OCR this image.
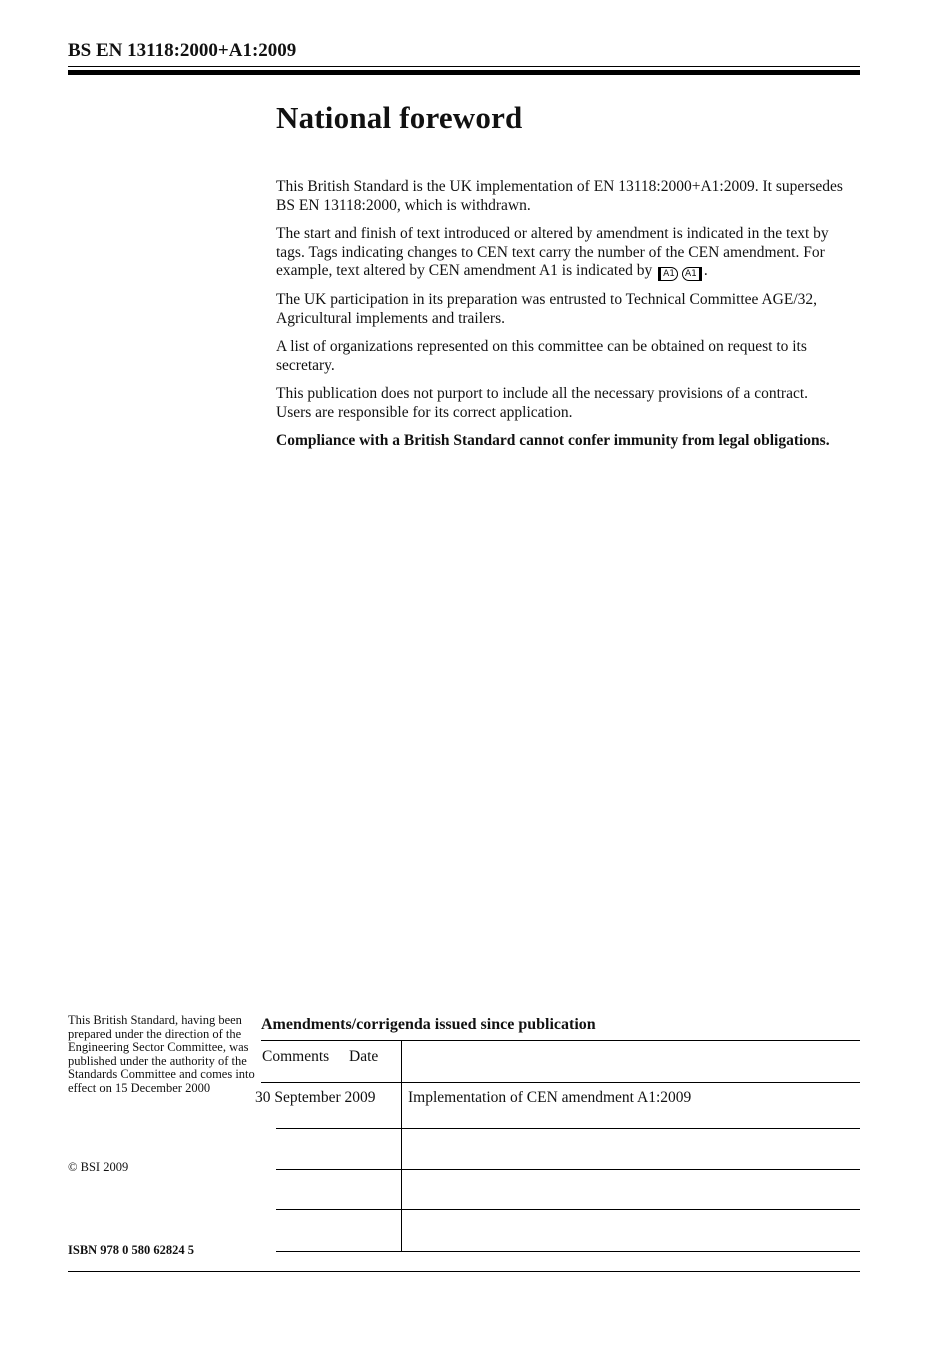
BS EN 13118:2000+A1:2009
National foreword

This British Standard is the UK implementation of EN 13118:2000+A1:2009. It supersedes BS EN 13118:2000, which is withdrawn.

The start and finish of text introduced or altered by amendment is indicated in the text by tags. Tags indicating changes to CEN text carry the number of the CEN amendment. For example, text altered by CEN amendment A1 is indicated by A1 A1 .

The UK participation in its preparation was entrusted to Technical Committee AGE/32, Agricultural implements and trailers.

A list of organizations represented on this committee can be obtained on request to its secretary.

This publication does not purport to include all the necessary provisions of a contract. Users are responsible for its correct application.

Compliance with a British Standard cannot confer immunity from legal obligations.

This British Standard, having been prepared under the direction of the Engineering Sector Committee, was published under the authority of the Standards Committee and comes into effect on 15 December 2000
© BSI 2009
ISBN 978 0 580 62824 5
Amendments/corrigenda issued since publication
Comments Date
30 September 2009 Implementation of CEN amendment A1:2009
